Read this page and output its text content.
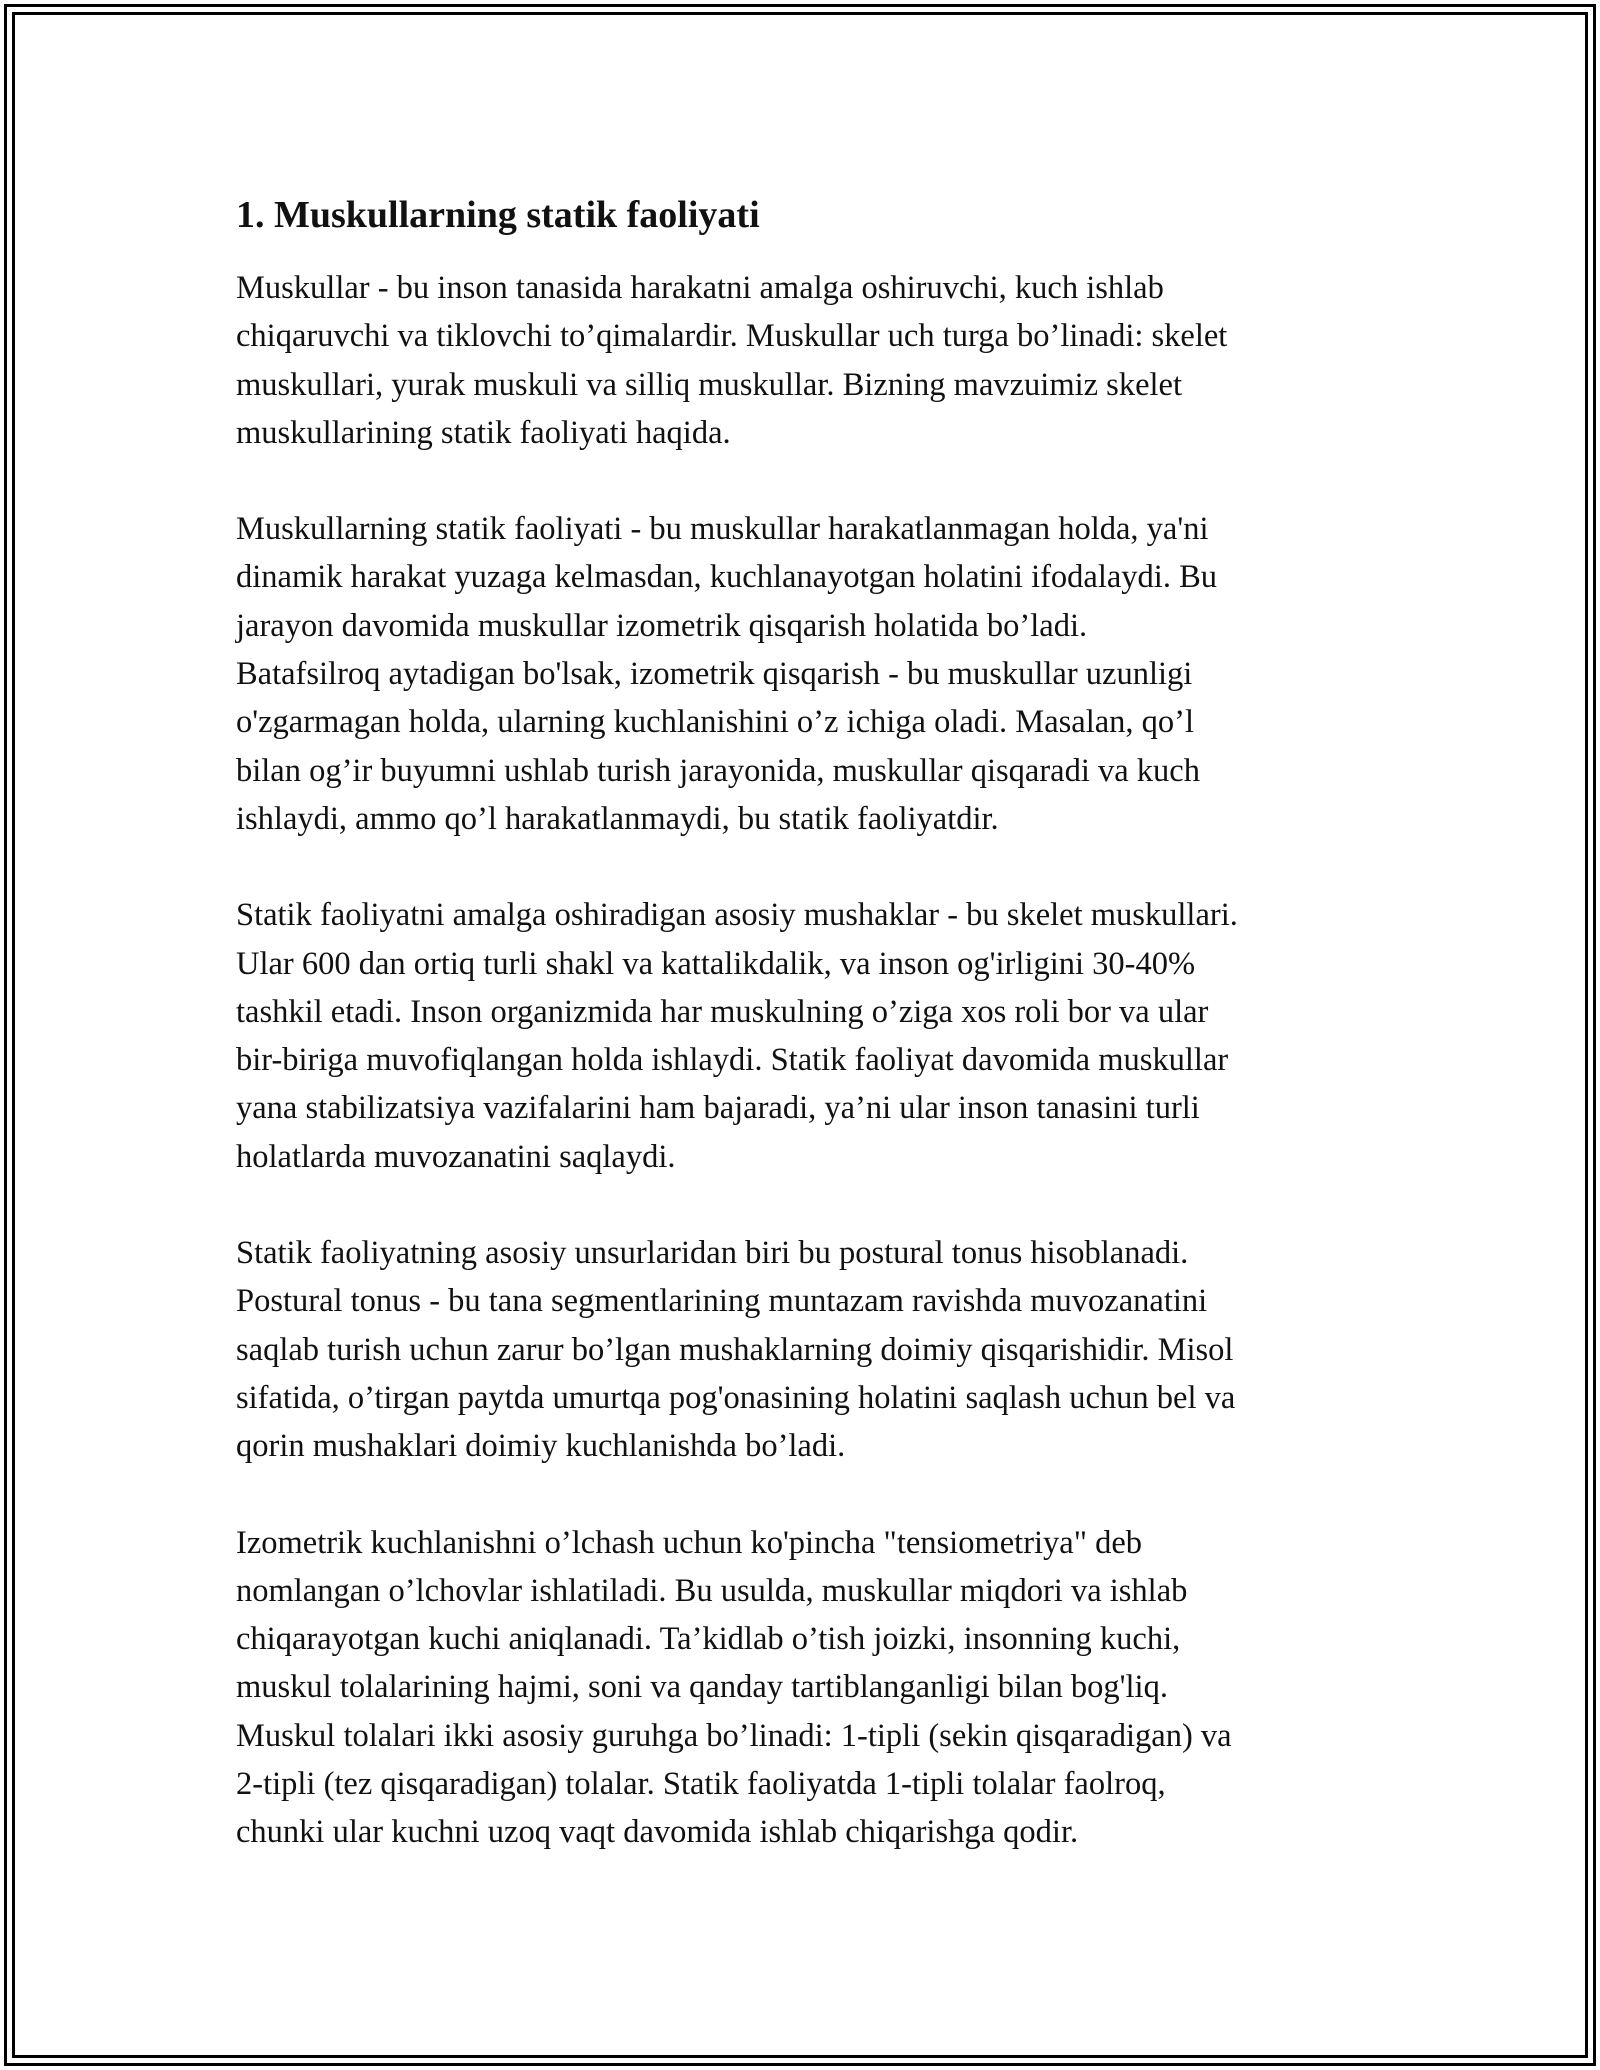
1. Muskullarning statik faoliyati

Muskullar - bu inson tanasida harakatni amalga oshiruvchi, kuch ishlab
chiqaruvchi va tiklovchi to’qimalardir. Muskullar uch turga bo’linadi: skelet
muskullari, yurak muskuli va silliq muskullar. Bizning mavzuimiz skelet
muskullarining statik faoliyati haqida.

Muskullarning statik faoliyati - bu muskullar harakatlanmagan holda, ya'ni
dinamik harakat yuzaga kelmasdan, kuchlanayotgan holatini ifodalaydi. Bu
jarayon davomida muskullar izometrik qisqarish holatida bo’ladi.
Batafsilroq aytadigan bo'lsak, izometrik qisqarish - bu muskullar uzunligi
o'zgarmagan holda, ularning kuchlanishini o’z ichiga oladi. Masalan, qo’l
bilan og’ir buyumni ushlab turish jarayonida, muskullar qisqaradi va kuch
ishlaydi, ammo qo’l harakatlanmaydi, bu statik faoliyatdir.

Statik faoliyatni amalga oshiradigan asosiy mushaklar - bu skelet muskullari.
Ular 600 dan ortiq turli shakl va kattalikdalik, va inson og'irligini 30-40%
tashkil etadi. Inson organizmida har muskulning o’ziga xos roli bor va ular
bir-biriga muvofiqlangan holda ishlaydi. Statik faoliyat davomida muskullar
yana stabilizatsiya vazifalarini ham bajaradi, ya’ni ular inson tanasini turli
holatlarda muvozanatini saqlaydi.

Statik faoliyatning asosiy unsurlaridan biri bu postural tonus hisoblanadi.
Postural tonus - bu tana segmentlarining muntazam ravishda muvozanatini
saqlab turish uchun zarur bo’lgan mushaklarning doimiy qisqarishidir. Misol
sifatida, o’tirgan paytda umurtqa pog'onasining holatini saqlash uchun bel va
qorin mushaklari doimiy kuchlanishda bo’ladi.

Izometrik kuchlanishni o’lchash uchun ko'pincha "tensiometriya" deb
nomlangan o’lchovlar ishlatiladi. Bu usulda, muskullar miqdori va ishlab
chiqarayotgan kuchi aniqlanadi. Ta’kidlab o’tish joizki, insonning kuchi,
muskul tolalarining hajmi, soni va qanday tartiblanganligi bilan bog'liq.
Muskul tolalari ikki asosiy guruhga bo’linadi: 1-tipli (sekin qisqaradigan) va
2-tipli (tez qisqaradigan) tolalar. Statik faoliyatda 1-tipli tolalar faolroq,
chunki ular kuchni uzoq vaqt davomida ishlab chiqarishga qodir.
